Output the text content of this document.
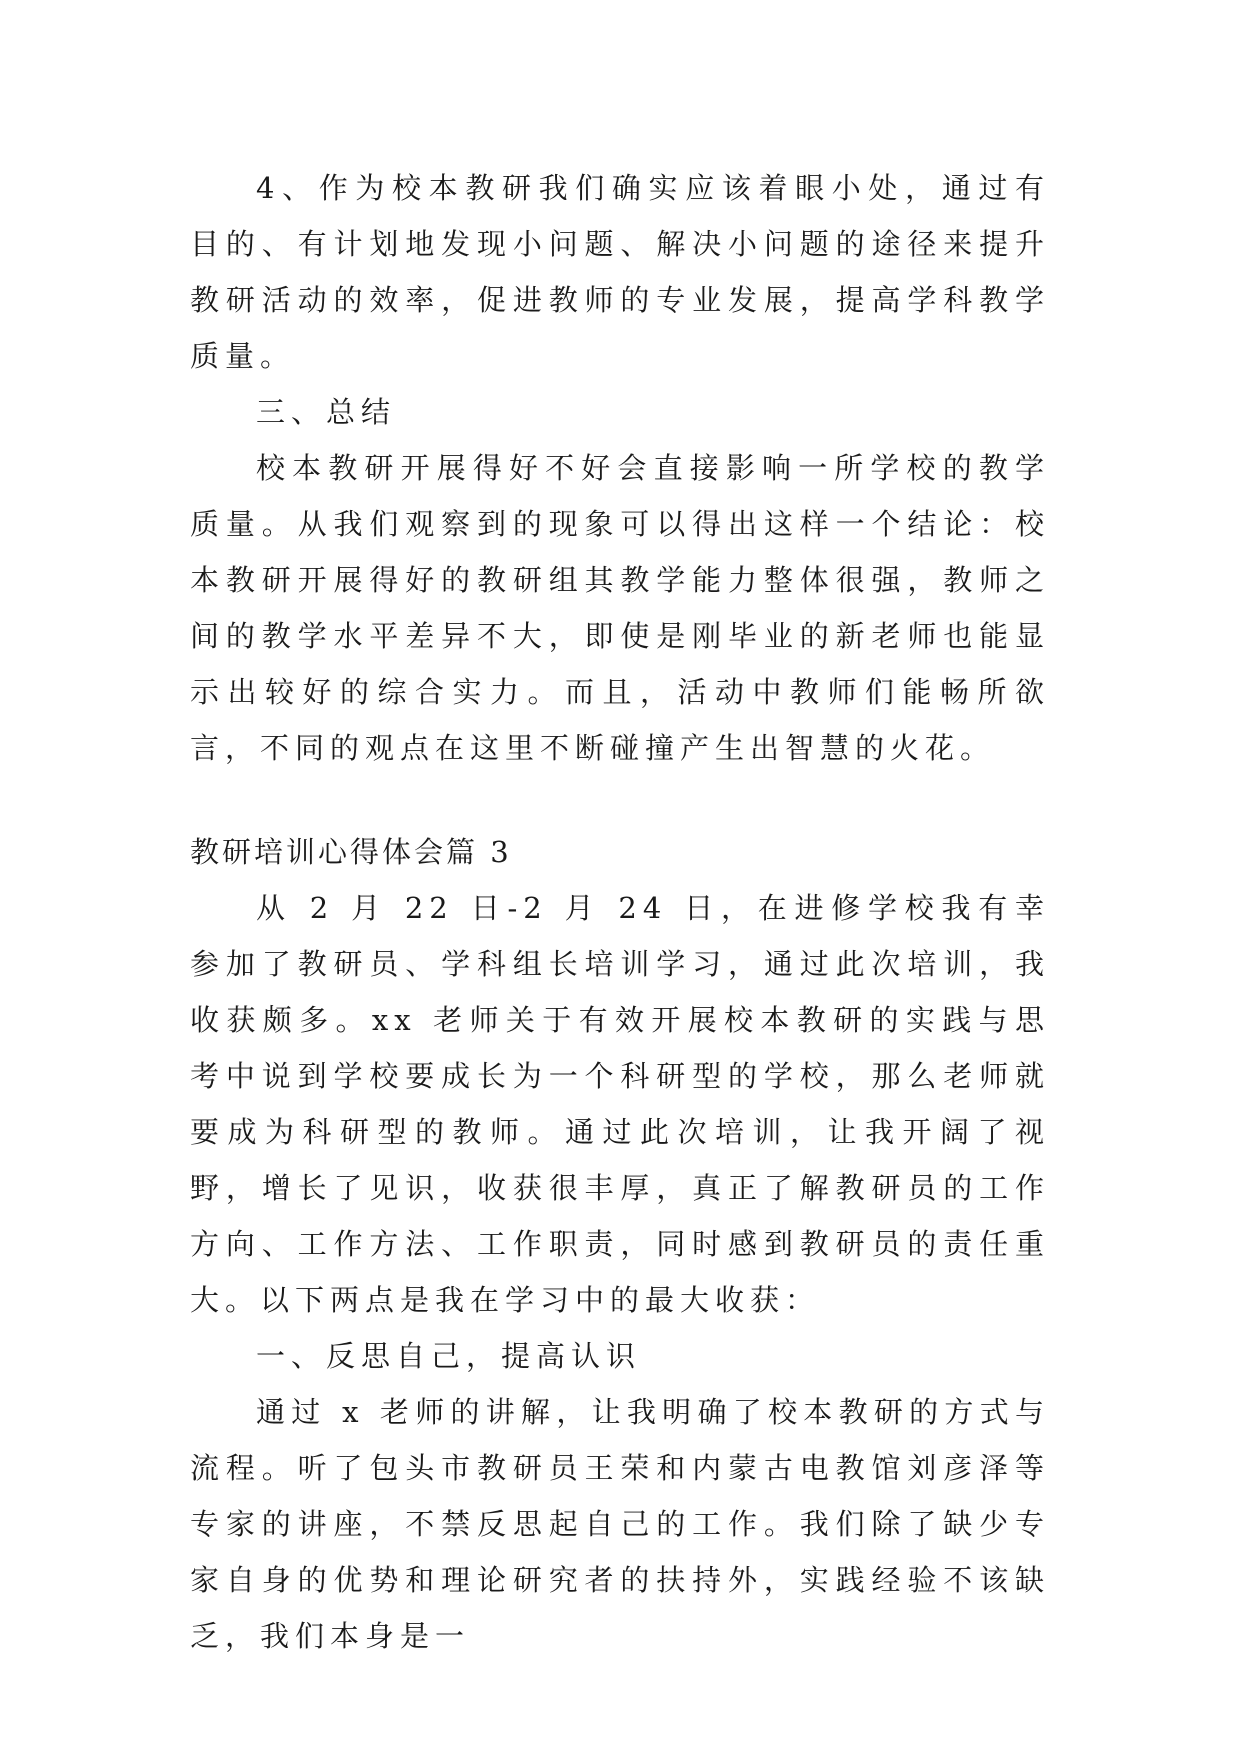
4、作为校本教研我们确实应该着眼小处，通过有目的、有计划地发现小问题、解决小问题的途径来提升教研活动的效率，促进教师的专业发展，提高学科教学质量。

三、总结

校本教研开展得好不好会直接影响一所学校的教学质量。从我们观察到的现象可以得出这样一个结论：校本教研开展得好的教研组其教学能力整体很强，教师之间的教学水平差异不大，即使是刚毕业的新老师也能显示出较好的综合实力。而且，活动中教师们能畅所欲言，不同的观点在这里不断碰撞产生出智慧的火花。

教研培训心得体会篇 3

从 2 月 22 日-2 月 24 日，在进修学校我有幸参加了教研员、学科组长培训学习，通过此次培训，我收获颇多。xx 老师关于有效开展校本教研的实践与思考中说到学校要成长为一个科研型的学校，那么老师就要成为科研型的教师。通过此次培训，让我开阔了视野，增长了见识，收获很丰厚，真正了解教研员的工作方向、工作方法、工作职责，同时感到教研员的责任重大。以下两点是我在学习中的最大收获：

一、反思自己，提高认识

通过 x 老师的讲解，让我明确了校本教研的方式与流程。听了包头市教研员王荣和内蒙古电教馆刘彦泽等专家的讲座，不禁反思起自己的工作。我们除了缺少专家自身的优势和理论研究者的扶持外，实践经验不该缺乏，我们本身是一
